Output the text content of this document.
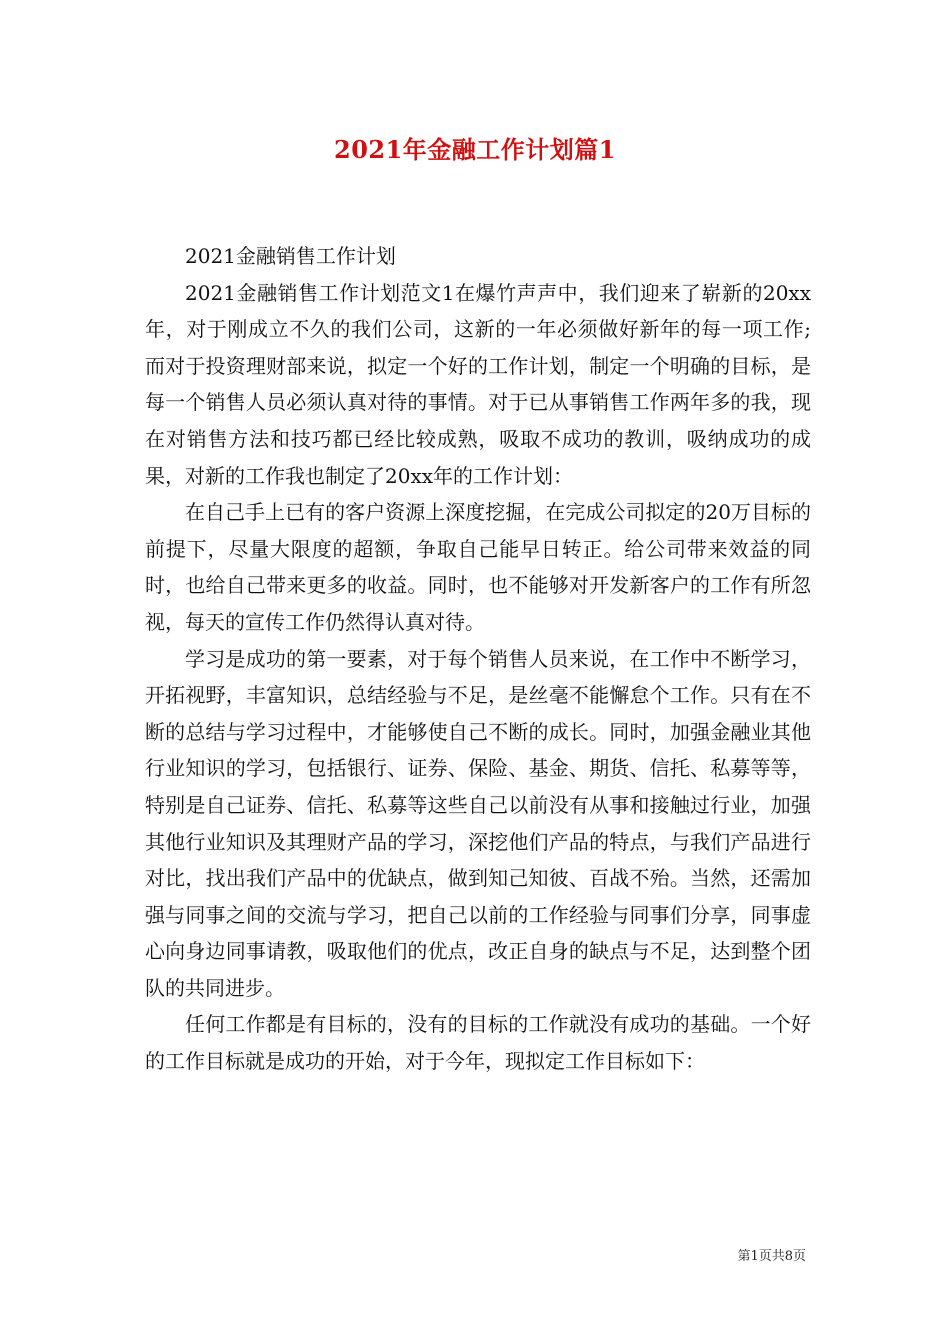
2021年金融工作计划篇1

2021金融销售工作计划

2021金融销售工作计划范文1在爆竹声声中，我们迎来了崭新的20xx年，对于刚成立不久的我们公司，这新的一年必须做好新年的每一项工作;而对于投资理财部来说，拟定一个好的工作计划，制定一个明确的目标，是每一个销售人员必须认真对待的事情。对于已从事销售工作两年多的我，现在对销售方法和技巧都已经比较成熟，吸取不成功的教训，吸纳成功的成果，对新的工作我也制定了20xx年的工作计划：

在自己手上已有的客户资源上深度挖掘，在完成公司拟定的20万目标的前提下，尽量大限度的超额，争取自己能早日转正。给公司带来效益的同时，也给自己带来更多的收益。同时，也不能够对开发新客户的工作有所忽视，每天的宣传工作仍然得认真对待。

学习是成功的第一要素，对于每个销售人员来说，在工作中不断学习，开拓视野，丰富知识，总结经验与不足，是丝毫不能懈怠个工作。只有在不断的总结与学习过程中，才能够使自己不断的成长。同时，加强金融业其他行业知识的学习，包括银行、证券、保险、基金、期货、信托、私募等等，特别是自己证券、信托、私募等这些自己以前没有从事和接触过行业，加强其他行业知识及其理财产品的学习，深挖他们产品的特点，与我们产品进行对比，找出我们产品中的优缺点，做到知己知彼、百战不殆。当然，还需加强与同事之间的交流与学习，把自己以前的工作经验与同事们分享，同事虚心向身边同事请教，吸取他们的优点，改正自身的缺点与不足，达到整个团队的共同进步。

任何工作都是有目标的，没有的目标的工作就没有成功的基础。一个好的工作目标就是成功的开始，对于今年，现拟定工作目标如下：

第1页共8页
